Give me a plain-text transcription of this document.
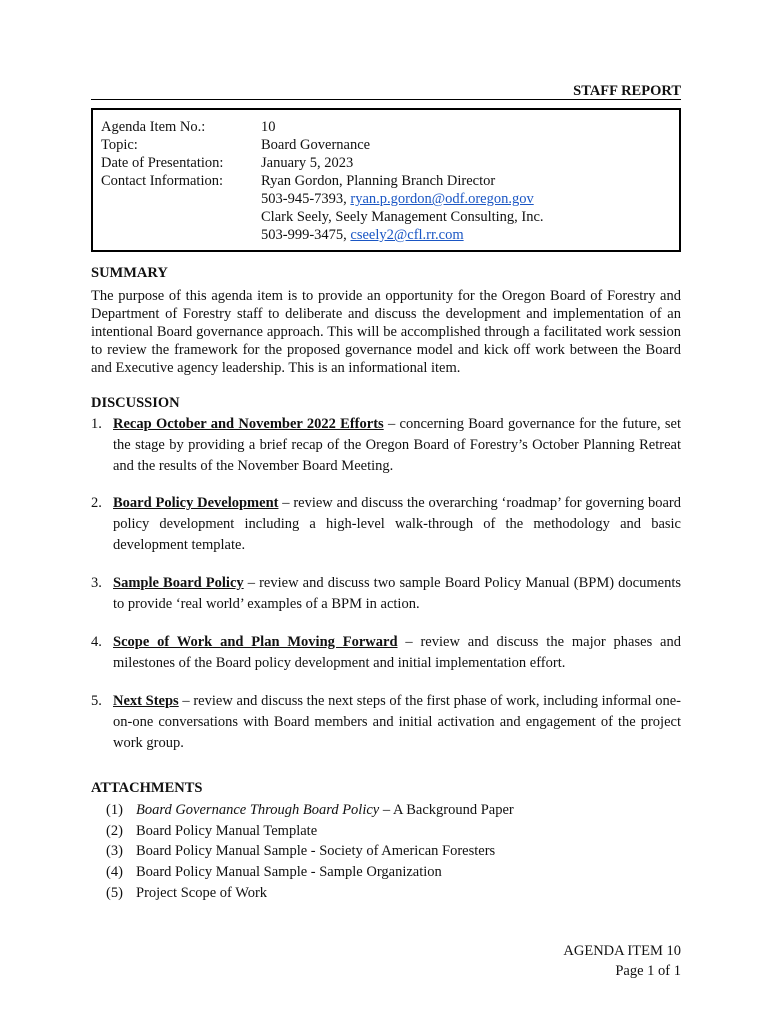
STAFF REPORT
Agenda Item No.:	10
Topic:	Board Governance
Date of Presentation:	January 5, 2023
Contact Information:	Ryan Gordon, Planning Branch Director
503-945-7393, ryan.p.gordon@odf.oregon.gov
Clark Seely, Seely Management Consulting, Inc.
503-999-3475, cseely2@cfl.rr.com
SUMMARY
The purpose of this agenda item is to provide an opportunity for the Oregon Board of Forestry and Department of Forestry staff to deliberate and discuss the development and implementation of an intentional Board governance approach. This will be accomplished through a facilitated work session to review the framework for the proposed governance model and kick off work between the Board and Executive agency leadership. This is an informational item.
DISCUSSION
1. Recap October and November 2022 Efforts – concerning Board governance for the future, set the stage by providing a brief recap of the Oregon Board of Forestry’s October Planning Retreat and the results of the November Board Meeting.
2. Board Policy Development – review and discuss the overarching ‘roadmap’ for governing board policy development including a high-level walk-through of the methodology and basic development template.
3. Sample Board Policy – review and discuss two sample Board Policy Manual (BPM) documents to provide ‘real world’ examples of a BPM in action.
4. Scope of Work and Plan Moving Forward – review and discuss the major phases and milestones of the Board policy development and initial implementation effort.
5. Next Steps – review and discuss the next steps of the first phase of work, including informal one-on-one conversations with Board members and initial activation and engagement of the project work group.
ATTACHMENTS
(1) Board Governance Through Board Policy – A Background Paper
(2) Board Policy Manual Template
(3) Board Policy Manual Sample - Society of American Foresters
(4) Board Policy Manual Sample - Sample Organization
(5) Project Scope of Work
AGENDA ITEM 10
Page 1 of 1
